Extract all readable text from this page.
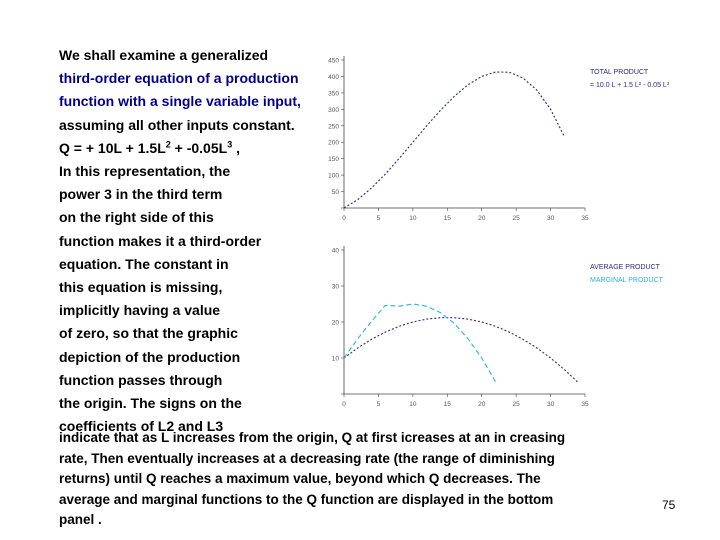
We shall examine a generalized
third-order equation of a production
function with a single variable input,
assuming all other inputs constant.
Q = + $10L + 1.5L^2 + -0.05L^3$ ,
In this representation, the
power 3 in the third term
on the right side of this
function makes it a third-order
equation. The constant in
this equation is missing,
implicitly having a value
of zero, so that the graphic
depiction of the production
function passes through
the origin. The signs on the
coefficients of L2 and L3
indicate that as L increases from the origin, Q at first icreases at an in creasing
rate, Then eventually increases at a decreasing rate (the range of diminishing
returns) until Q reaches a maximum value, beyond which Q decreases. The
average and marginal functions to the Q function are displayed in the bottom
panel .
50
100
150
200
250
300
350
400
450
0	5	10	15	20	25	30	35
TOTAL PRODUCT
= 10.0 L + 1.5 L² - 0.05 L³
10
20
30
40
0	5	10	15	20	25	30	35
AVERAGE PRODUCT
MARGINAL PRODUCT
75
